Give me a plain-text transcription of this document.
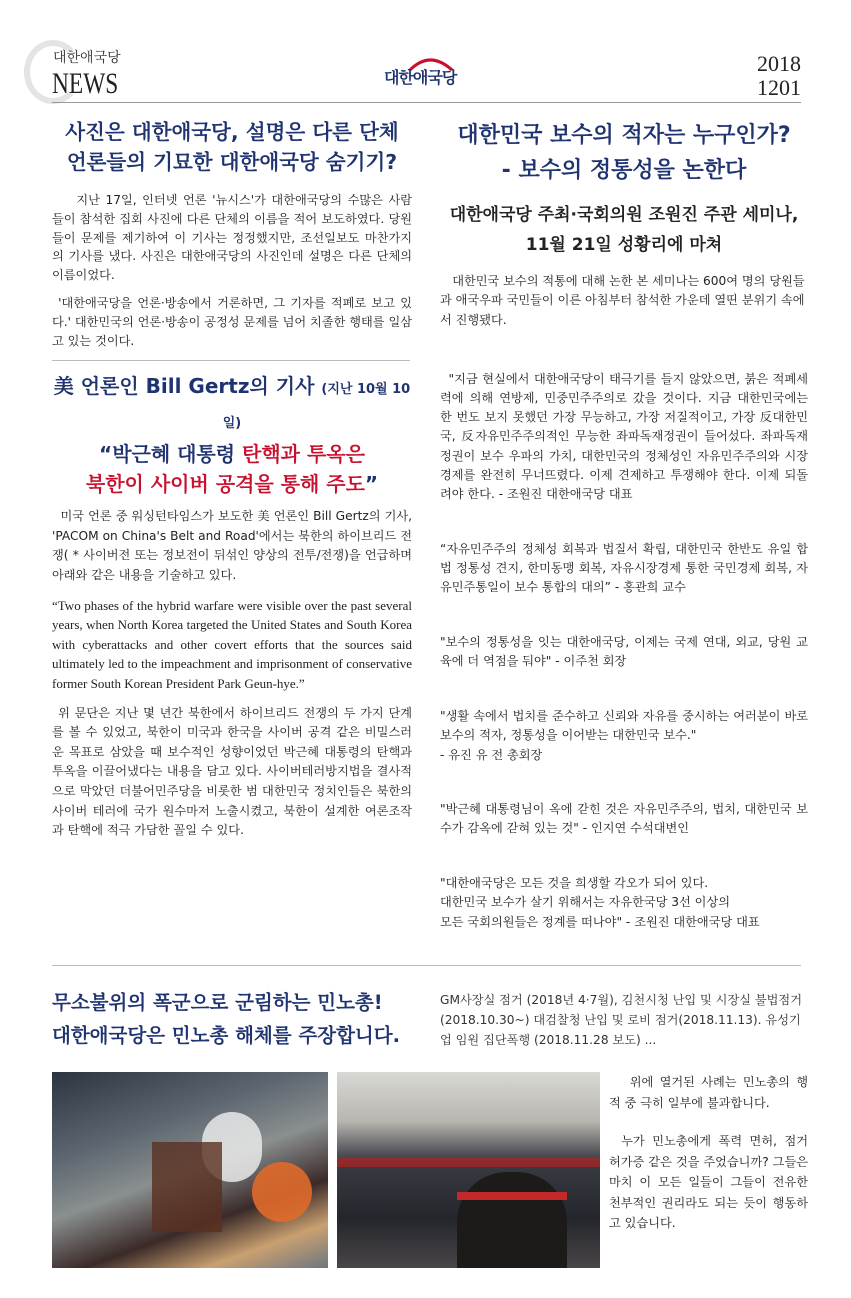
대한애국당
NEWS	대한애국당
2018
1201
사진은 대한애국당, 설명은 다른 단체
언론들의 기묘한 대한애국당 숨기기?

지난 17일, 인터넷 언론 '뉴시스'가 대한애국당의 수많은 사람들이 참석한 집회 사진에 다른 단체의 이름을 적어 보도하였다. 당원들이 문제를 제기하여 이 기사는 정정했지만, 조선일보도 마찬가지의 기사를 냈다. 사진은 대한애국당의 사진인데 설명은 다른 단체의 이름이었다.

'대한애국당을 언론·방송에서 거론하면, 그 기자를 적폐로 보고 있다.' 대한민국의 언론·방송이 공정성 문제를 넘어 치졸한 행태를 일삼고 있는 것이다.

美 언론인 Bill Gertz의 기사 (지난 10월 10일)
“박근혜 대통령 탄핵과 투옥은
북한이 사이버 공격을 통해 주도”

미국 언론 중 워싱턴타임스가 보도한 美 언론인 Bill Gertz의 기사, 'PACOM on China's Belt and Road'에서는 북한의 하이브리드 전쟁( * 사이버전 또는 정보전이 뒤섞인 양상의 전투/전쟁)을 언급하며 아래와 같은 내용을 기술하고 있다.

“Two phases of the hybrid warfare were visible over the past several years, when North Korea targeted the United States and South Korea with cyberattacks and other covert efforts that the sources said ultimately led to the impeachment and imprisonment of conservative former South Korean President Park Geun-hye.”

위 문단은 지난 몇 년간 북한에서 하이브리드 전쟁의 두 가지 단계를 볼 수 있었고, 북한이 미국과 한국을 사이버 공격 같은 비밀스러운 목표로 삼았을 때 보수적인 성향이었던 박근혜 대통령의 탄핵과 투옥을 이끌어냈다는 내용을 담고 있다. 사이버테러방지법을 결사적으로 막았던 더불어민주당을 비롯한 범 대한민국 정치인들은 북한의 사이버 테러에 국가 원수마저 노출시켰고, 북한이 설계한 여론조작과 탄핵에 적극 가담한 꼴일 수 있다.

대한민국 보수의 적자는 누구인가?
- 보수의 정통성을 논한다
대한애국당 주최·국회의원 조원진 주관 세미나,
11월 21일 성황리에 마쳐

대한민국 보수의 적통에 대해 논한 본 세미나는 600여 명의 당원들과 애국우파 국민들이 이른 아침부터 참석한 가운데 열띤 분위기 속에서 진행됐다.

"지금 현실에서 대한애국당이 태극기를 들지 않았으면, 붉은 적폐세력에 의해 연방제, 민중민주주의로 갔을 것이다. 지금 대한민국에는 한 번도 보지 못했던 가장 무능하고, 가장 저질적이고, 가장 反대한민국, 反자유민주주의적인 무능한 좌파독재정권이 들어섰다. 좌파독재정권이 보수 우파의 가치, 대한민국의 정체성인 자유민주주의와 시장경제를 완전히 무너뜨렸다. 이제 견제하고 투쟁해야 한다. 이제 되돌려야 한다. - 조원진 대한애국당 대표

“자유민주주의 정체성 회복과 법질서 확립, 대한민국 한반도 유일 합법 정통성 견지, 한미동맹 회복, 자유시장경제 통한 국민경제 회복, 자유민주통일이 보수 통합의 대의” - 홍관희 교수

"보수의 정통성을 잇는 대한애국당, 이제는 국제 연대, 외교, 당원 교육에 더 역점을 둬야" - 이주천 회장

"생활 속에서 법치를 준수하고 신뢰와 자유를 중시하는 여러분이 바로 보수의 적자, 정통성을 이어받는 대한민국 보수."
- 유진 유 전 총회장

"박근혜 대통령님이 옥에 갇힌 것은 자유민주주의, 법치, 대한민국 보수가 감옥에 갇혀 있는 것" - 인지연 수석대변인

"대한애국당은 모든 것을 희생할 각오가 되어 있다.
대한민국 보수가 살기 위해서는 자유한국당 3선 이상의
모든 국회의원들은 정계를 떠나야" - 조원진 대한애국당 대표

무소불위의 폭군으로 군림하는 민노총!
대한애국당은 민노총 해체를 주장합니다.
GM사장실 점거 (2018년 4·7월), 김천시청 난입 및 시장실 불법점거 (2018.10.30~) 대검찰청 난입 및 로비 점거(2018.11.13). 유성기업 임원 집단폭행 (2018.11.28 보도) ...

위에 열거된 사례는 민노총의 행적 중 극히 일부에 불과합니다.

누가 민노총에게 폭력 면허, 점거 허가증 같은 것을 주었습니까? 그들은 마치 이 모든 일들이 그들이 전유한 천부적인 권리라도 되는 듯이 행동하고 있습니다.
